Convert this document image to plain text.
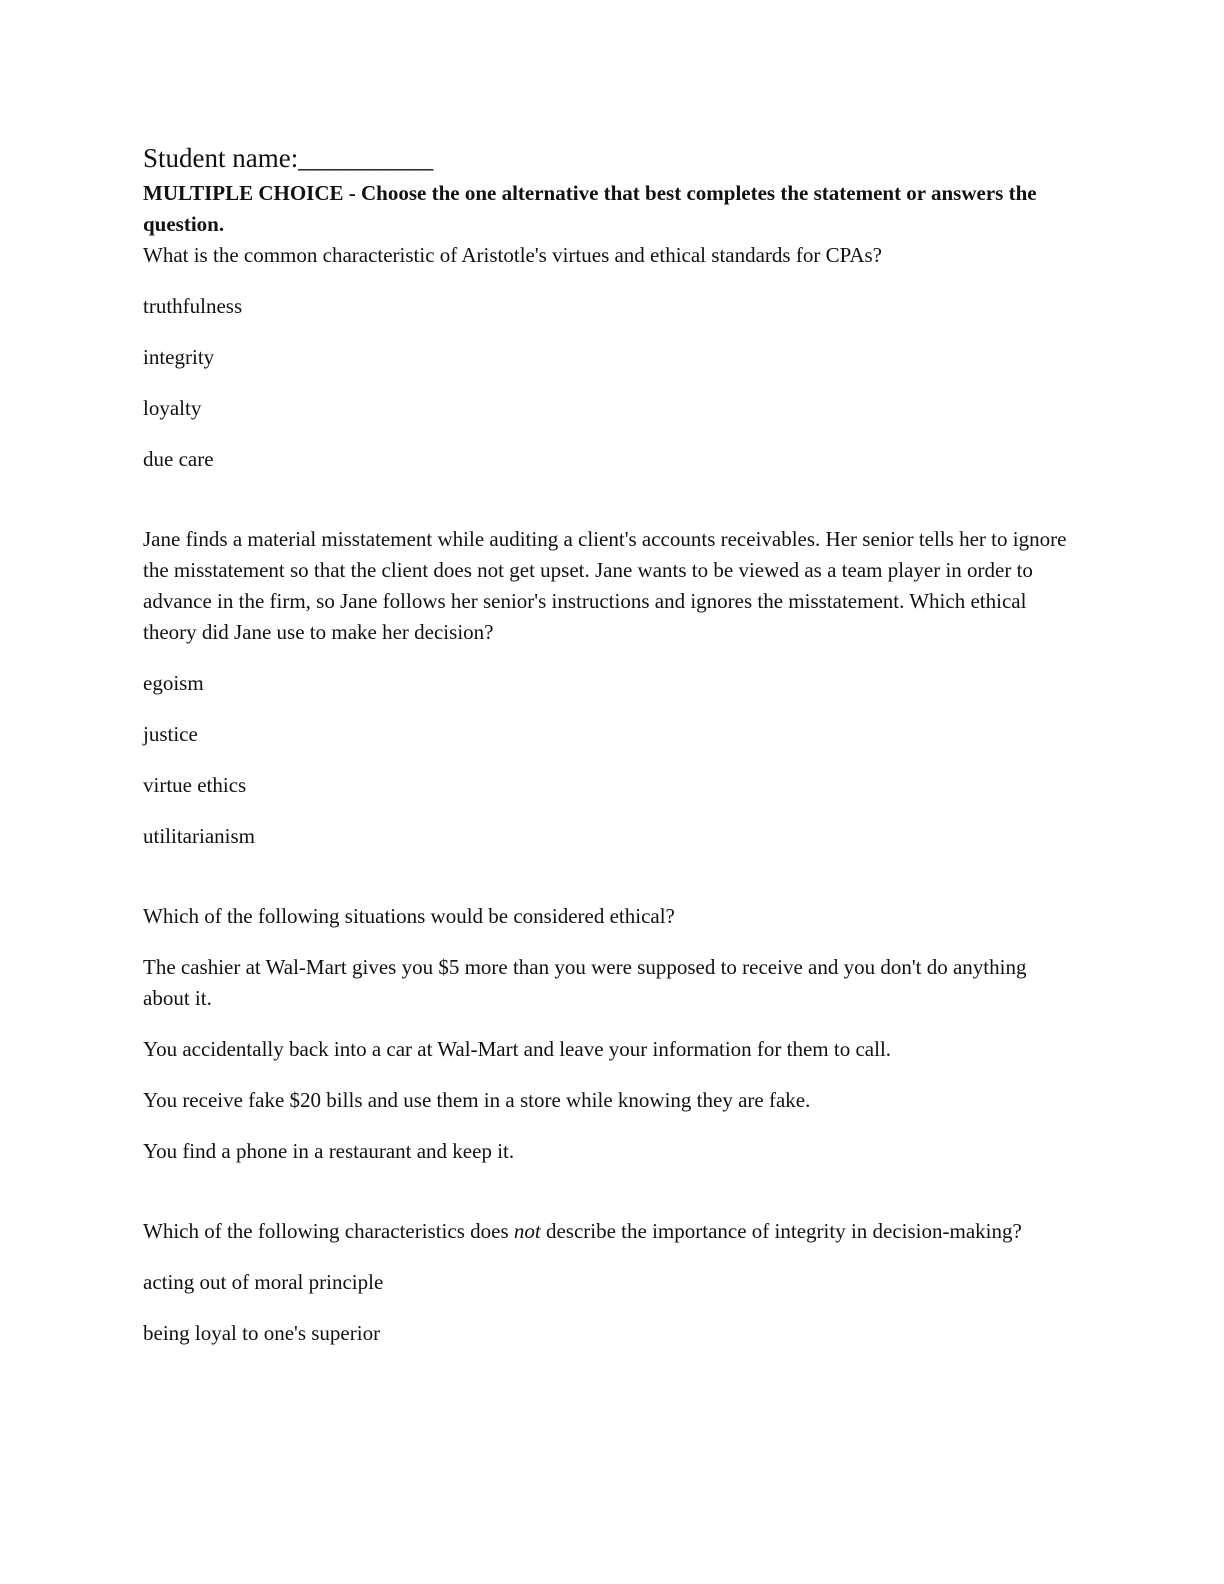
Student name:__________

MULTIPLE CHOICE - Choose the one alternative that best completes the statement or answers the question.

What is the common characteristic of Aristotle's virtues and ethical standards for CPAs?

truthfulness

integrity

loyalty

due care

Jane finds a material misstatement while auditing a client's accounts receivables. Her senior tells her to ignore the misstatement so that the client does not get upset. Jane wants to be viewed as a team player in order to advance in the firm, so Jane follows her senior's instructions and ignores the misstatement. Which ethical theory did Jane use to make her decision?

egoism

justice

virtue ethics

utilitarianism

Which of the following situations would be considered ethical?

The cashier at Wal-Mart gives you $5 more than you were supposed to receive and you don't do anything about it.

You accidentally back into a car at Wal-Mart and leave your information for them to call.

You receive fake $20 bills and use them in a store while knowing they are fake.

You find a phone in a restaurant and keep it.

Which of the following characteristics does not describe the importance of integrity in decision-making?

acting out of moral principle

being loyal to one's superior
